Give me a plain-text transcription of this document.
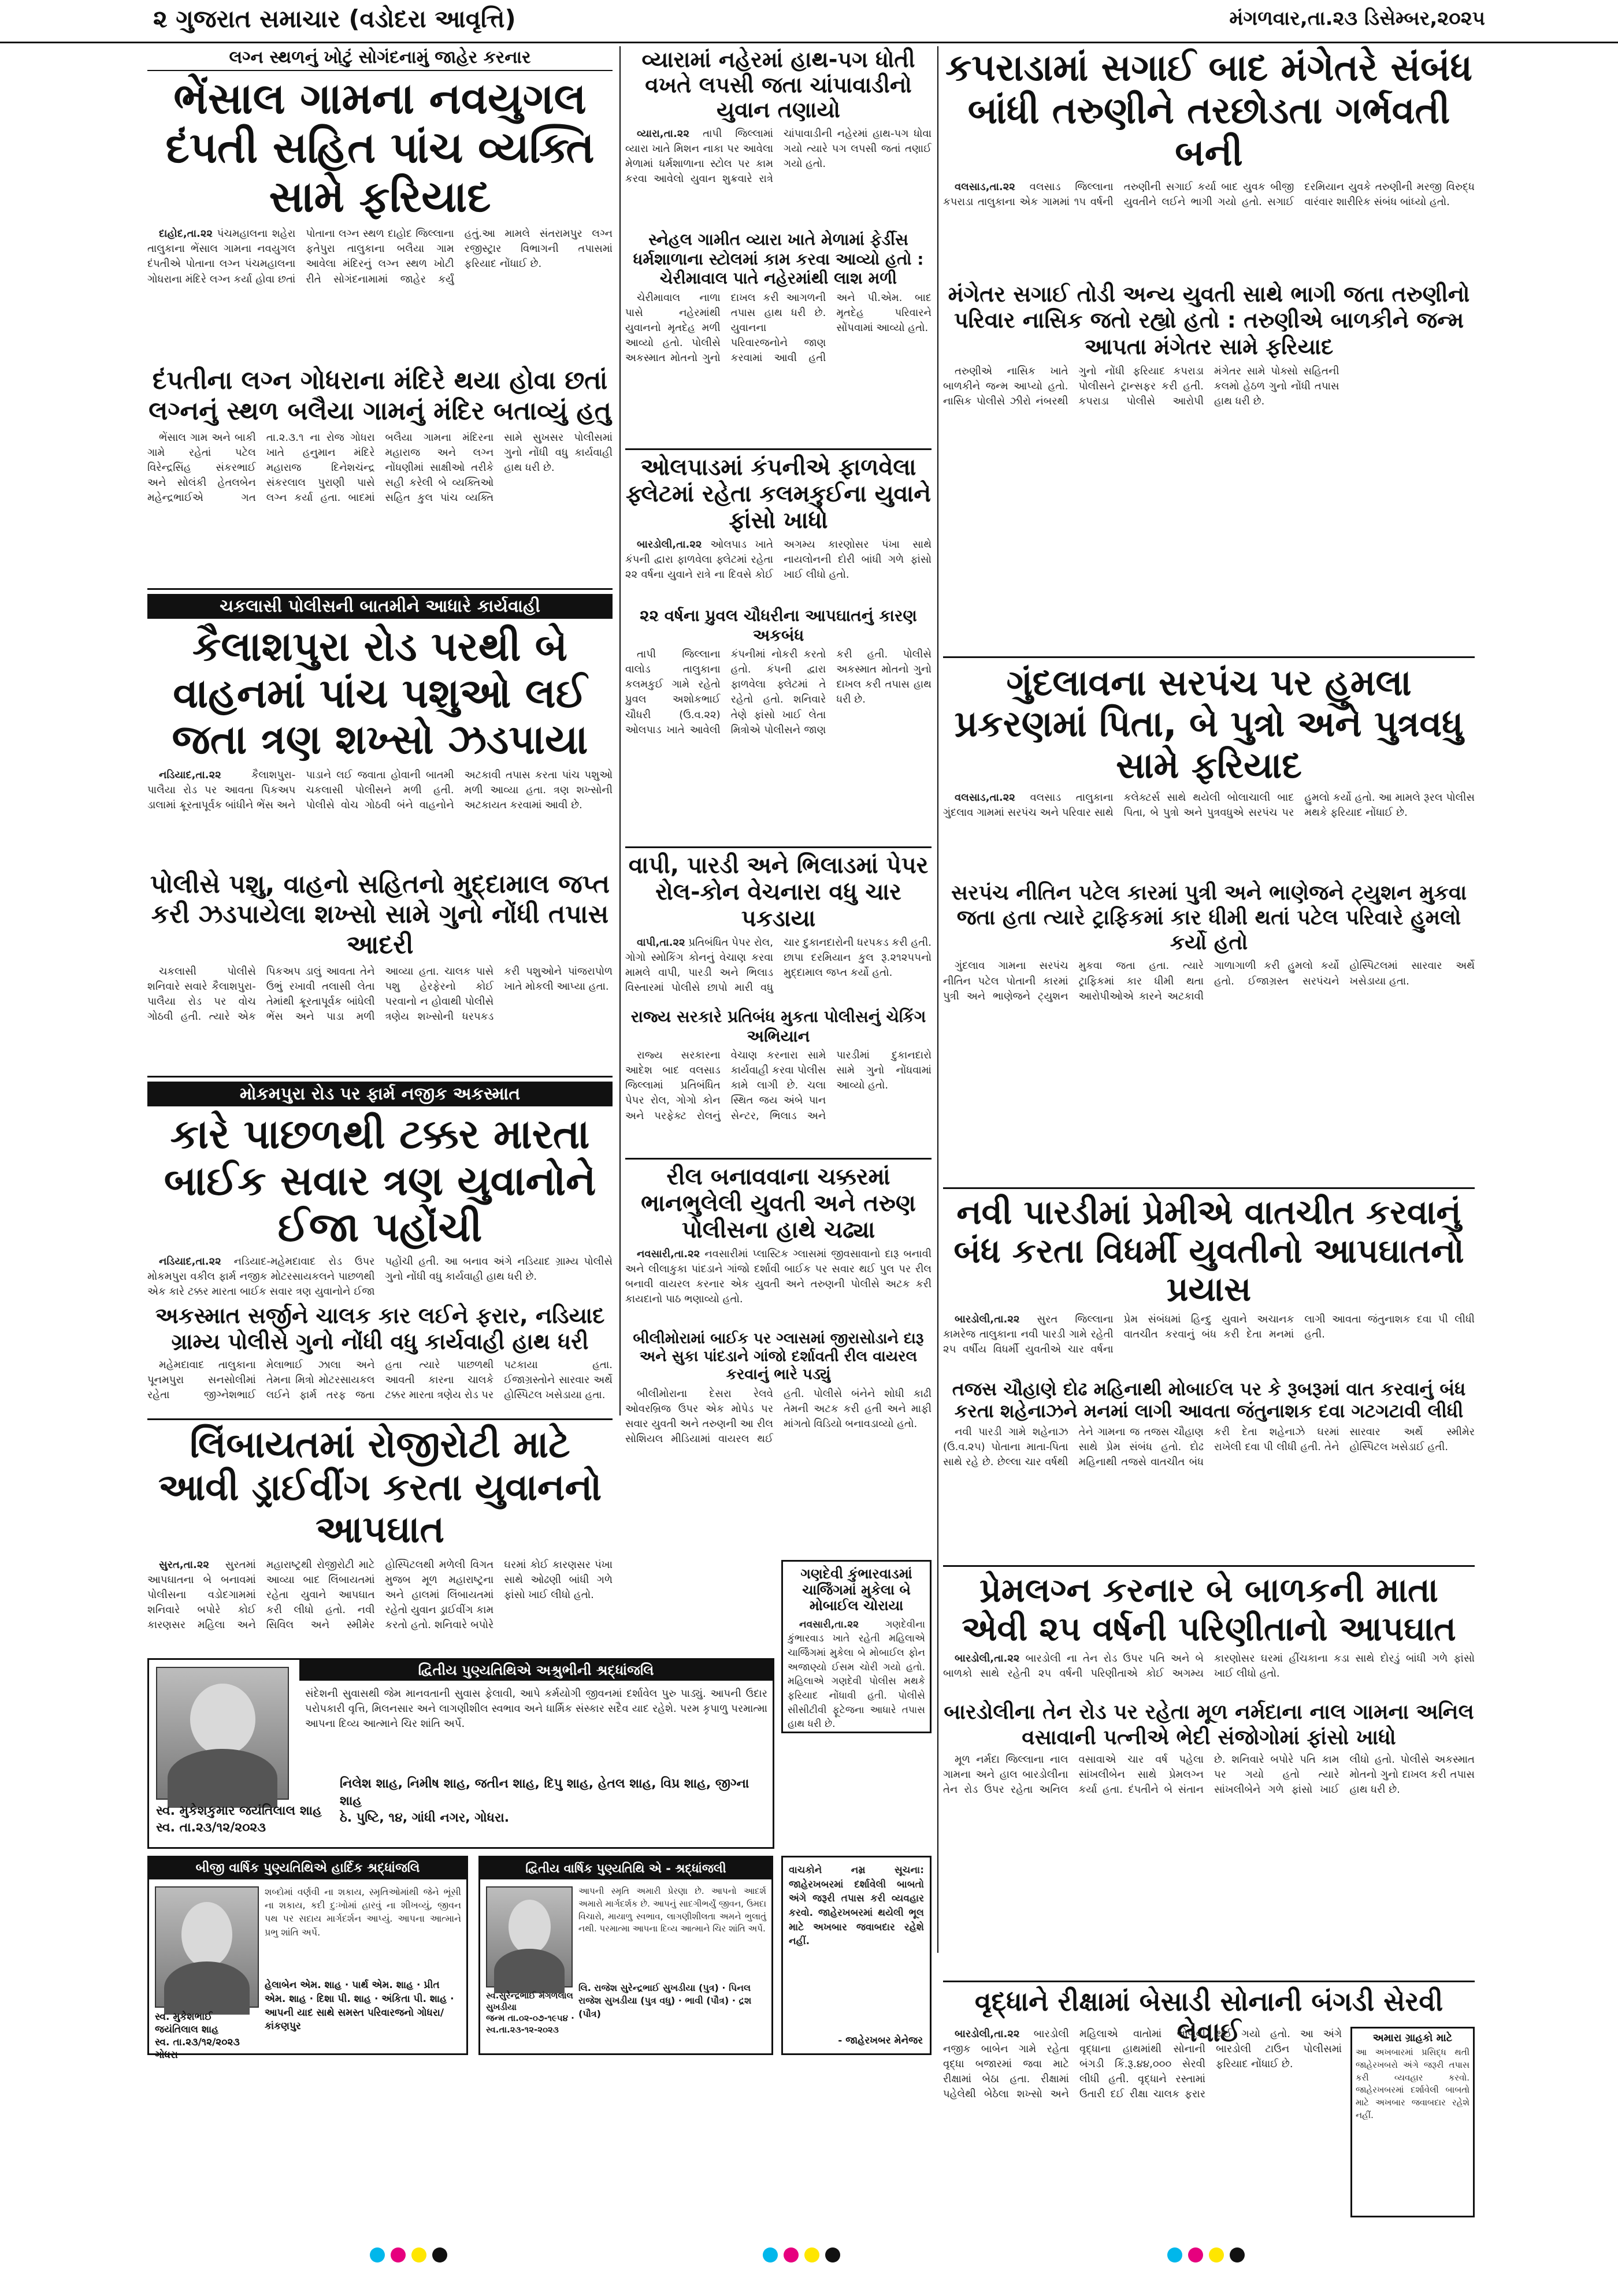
૨ ગુજરાત સમાચાર (વડોદરા આવૃત્તિ)	મંગળવાર,તા.૨૩ ડિસેમ્બર,૨૦૨૫
લગ્ન સ્થળનું ખોટું સોગંદનામું જાહેર કરનાર
ભેંસાલ ગામના નવયુગલ દંપતી સહિત પાંચ વ્યક્તિ સામે ફરિયાદ

દાહોદ,તા.૨૨ પંચમહાલના શહેરા તાલુકાના ભેંસાલ ગામના નવયુગલ દંપતીએ પોતાના લગ્ન પંચમહાલના ગોધરાના મંદિરે લગ્ન કર્યા હોવા છતાં પોતાના લગ્ન સ્થળ દાહોદ જિલ્લાના ફતેપુરા તાલુકાના બલૈયા ગામ આવેલા મંદિરનું લગ્ન સ્થળ ખોટી રીતે સોગંદનામામાં જાહેર કર્યું હતું.આ મામલે સંતરામપુર લગ્ન રજીસ્ટ્રાર વિભાગની તપાસમાં ફરિયાદ નોંધાઈ છે.

દંપતીના લગ્ન ગોધરાના મંદિરે થયા હોવા છતાં લગ્નનું સ્થળ બલૈયા ગામનું મંદિર બતાવ્યું હતુ

ભેંસાલ ગામ અને બાકી ગામે રહેતાં પટેલ વિરેન્દ્રસિંહ સંકરભાઈ અને સોલંકી હેતલબેન મહેન્દ્રભાઈએ ગત તા.૨.૩.૧ ના રોજ ગોધરા ખાતે હનુમાન મંદિરે મહારાજ દિનેશચંન્દ્ર સંકરલાલ પુરાણી પાસે લગ્ન કર્યા હતા. બાદમાં બલૈયા ગામના મંદિરના મહારાજ અને લગ્ન નોંધણીમાં સાક્ષીઓ તરીકે સહી કરેલી બે વ્યક્તિઓ સહિત કુલ પાંચ વ્યક્તિ સામે સુખસર પોલીસમાં ગુનો નોંધી વધુ કાર્યવાહી હાથ ધરી છે.

ચકલાસી પોલીસની બાતમીને આધારે કાર્યવાહી
કૈલાશપુરા રોડ પરથી બે વાહનમાં પાંચ પશુઓ લઈ જતા ત્રણ શખ્સો ઝડપાયા

નડિયાદ,તા.૨૨	કૈલાશપુરા-પાલૈયા રોડ પર આવતા પિકઅપ ડાલામાં ક્રૂરતાપૂર્વક બાંધીને ભેંસ અને પાડાને લઈ જવાતા હોવાની બાતમી ચકલાસી પોલીસને મળી હતી. પોલીસે વોચ ગોઠવી બંને વાહનોને અટકાવી તપાસ કરતા પાંચ પશુઓ મળી આવ્યા હતા. ત્રણ શખ્સોની અટકાયત કરવામાં આવી છે.

પોલીસે પશુ, વાહનો સહિતનો મુદ્દામાલ જપ્ત કરી ઝડપાયેલા શખ્સો સામે ગુનો નોંધી તપાસ આદરી

ચકલાસી પોલીસે શનિવારે સવારે કૈલાશપુરા-પાલૈયા રોડ પર વોચ ગોઠવી હતી. ત્યારે એક પિકઅપ ડાલું આવતા તેને ઉભું રખાવી તલાસી લેતા તેમાંથી ક્રૂરતાપૂર્વક બાંધેલી ભેંસ અને પાડા મળી આવ્યા હતા. ચાલક પાસે પશુ હેરફેરનો કોઈ પરવાનો ન હોવાથી પોલીસે ત્રણેય શખ્સોની ધરપકડ કરી પશુઓને પાંજરાપોળ ખાતે મોકલી આપ્યા હતા.

મોકમપુરા રોડ પર ફાર્મ નજીક અકસ્માત
કારે પાછળથી ટક્કર મારતા બાઈક સવાર ત્રણ યુવાનોને ઈજા પહોંચી

નડિયાદ,તા.૨૨ નડિયાદ-મહેમદાવાદ રોડ ઉપર મોકમપુરા વકીલ ફાર્મ નજીક મોટરસાયકલને પાછળથી એક કારે ટક્કર મારતા બાઈક સવાર ત્રણ યુવાનોને ઈજા પહોંચી હતી. આ બનાવ અંગે નડિયાદ ગ્રામ્ય પોલીસે ગુનો નોંધી વધુ કાર્યવાહી હાથ ધરી છે.

અકસ્માત સર્જીને ચાલક કાર લઈને ફરાર, નડિયાદ ગ્રામ્ય પોલીસે ગુનો નોંધી વધુ કાર્યવાહી હાથ ધરી

મહેમદાવાદ તાલુકાના પૂનમપુરા સનસોલીમાં રહેતા જીગ્નેશભાઈ મેલાભાઈ ઝાલા અને તેમના મિત્રો મોટરસાયકલ લઈને ફાર્મ તરફ જતા હતા ત્યારે પાછળથી આવતી કારના ચાલકે ટક્કર મારતા ત્રણેય રોડ પર પટકાયા હતા. ઈજાગ્રસ્તોને સારવાર અર્થે હોસ્પિટલ ખસેડાયા હતા.

લિંબાયતમાં રોજીરોટી માટે આવી ડ્રાઈવીંગ કરતા યુવાનનો આપઘાત

સુરત,તા.૨૨ સુરતમાં આપઘાતના બે બનાવમાં પોલીસના વડોદગામમાં શનિવારે બપોરે કોઈ કારણસર મહિલા અને મહારાષ્ટ્રથી રોજીરોટી માટે આવ્યા બાદ લિંબાયતમાં રહેતા યુવાને આપઘાત કરી લીધો હતો. નવી સિવિલ અને સ્મીમેર હોસ્પિટલથી મળેલી વિગત મુજબ મૂળ મહારાષ્ટ્રના અને હાલમાં લિંબાયતમાં રહેતો યુવાન ડ્રાઈવીંગ કામ કરતો હતો. શનિવારે બપોરે ઘરમાં કોઈ કારણસર પંખા સાથે ઓઢણી બાંધી ગળે ફાંસો ખાઈ લીધો હતો.

વ્યારામાં નહેરમાં હાથ-પગ ધોતી વખતે લપસી જતા ચાંપાવાડીનો યુવાન તણાયો

વ્યારા,તા.૨૨ તાપી જિલ્લામાં વ્યારા ખાતે મિશન નાકા પર આવેલા મેળામાં ધર્મશાળાના સ્ટોલ પર કામ કરવા આવેલો યુવાન શુક્રવારે રાત્રે ચાંપાવાડીની નહેરમાં હાથ-પગ ધોવા ગયો ત્યારે પગ લપસી જતાં તણાઈ ગયો હતો.

સ્નેહલ ગામીત વ્યારા ખાતે મેળામાં ફેર્ડીસ ધર્મશાળાના સ્ટોલમાં કામ કરવા આવ્યો હતો : ચેરીમાવાલ પાતે નહેરમાંથી લાશ મળી

ચેરીમાવાલ નાળા પાસે નહેરમાંથી યુવાનનો મૃતદેહ મળી આવ્યો હતો. પોલીસે અકસ્માત મોતનો ગુનો દાખલ કરી આગળની તપાસ હાથ ધરી છે. યુવાનના પરિવારજનોને જાણ કરવામાં આવી હતી અને પી.એમ. બાદ મૃતદેહ પરિવારને સોંપવામાં આવ્યો હતો.

ઓલપાડમાં કંપનીએ ફાળવેલા ફ્લેટમાં રહેતા કલમકુઈના યુવાને ફાંસો ખાધો

બારડોલી,તા.૨૨ ઓલપાડ ખાતે કંપની દ્વારા ફાળવેલા ફ્લેટમાં રહેતા ૨૨ વર્ષના યુવાને રાત્રે ના દિવસે કોઈ અગમ્ય કારણોસર પંખા સાથે નાયલોનની દોરી બાંધી ગળે ફાંસો ખાઈ લીધો હતો.

૨૨ વર્ષના પ્રુવલ ચૌધરીના આપઘાતનું કારણ અકબંધ

તાપી જિલ્લાના વાલોડ તાલુકાના કલમકુઈ ગામે રહેતો પ્રુવલ અશોકભાઈ ચૌધરી (ઉ.વ.૨૨) ઓલપાડ ખાતે આવેલી કંપનીમાં નોકરી કરતો હતો. કંપની દ્વારા ફાળવેલા ફ્લેટમાં તે રહેતો હતો. શનિવારે તેણે ફાંસો ખાઈ લેતા મિત્રોએ પોલીસને જાણ કરી હતી. પોલીસે અકસ્માત મોતનો ગુનો દાખલ કરી તપાસ હાથ ધરી છે.

વાપી, પારડી અને ભિલાડમાં પેપર રોલ-કોન વેચનારા વધુ ચાર પકડાયા

વાપી,તા.૨૨ પ્રતિબંધિત પેપર રોલ, ગોગો સ્મોકિંગ કોનનું વેચાણ કરવા મામલે વાપી, પારડી અને ભિલાડ વિસ્તારમાં પોલીસે છાપો મારી વધુ ચાર દુકાનદારોની ધરપકડ કરી હતી. છાપા દરમિયાન કુલ રૂ.૨૧૨૫૫નો મુદ્દામાલ જપ્ત કર્યો હતો.

રાજ્ય સરકારે પ્રતિબંધ મુકતા પોલીસનું ચેકિંગ અભિયાન

રાજ્ય સરકારના આદેશ બાદ વલસાડ જિલ્લામાં પ્રતિબંધિત પેપર રોલ, ગોગો કોન અને પરફેક્ટ રોલનું વેચાણ કરનારા સામે કાર્યવાહી કરવા પોલીસ કામે લાગી છે. ચલા સ્થિત જય અંબે પાન સેન્ટર, ભિલાડ અને પારડીમાં દુકાનદારો સામે ગુનો નોંધવામાં આવ્યો હતો.

રીલ બનાવવાના ચક્કરમાં ભાનભુલેલી યુવતી અને તરુણ પોલીસના હાથે ચઢ્યા

નવસારી,તા.૨૨ નવસારીમાં પ્લાસ્ટિક ગ્લાસમાં જીવસાવાનો દારૂ બનાવી અને લીલાકુકા પાંદડાને ગાંજો દર્શાવી બાઈક પર સવાર થઈ પુલ પર રીલ બનાવી વાયરલ કરનાર એક યુવતી અને તરુણની પોલીસે અટક કરી કાયદાનો પાઠ ભણાવ્યો હતો.

બીલીમોરામાં બાઈક પર ગ્લાસમાં જીરાસોડાને દારૂ અને સુકા પાંદડાને ગાંજો દર્શાવતી રીલ વાયરલ કરવાનું ભારે પડ્યું

બીલીમોરાના દેસરા રેલવે ઓવરબ્રિજ ઉપર એક મોપેડ પર સવાર યુવતી અને તરુણની આ રીલ સોશિયલ મીડિયામાં વાયરલ થઈ હતી. પોલીસે બંનેને શોધી કાઢી તેમની અટક કરી હતી અને માફી માંગતો વિડિયો બનાવડાવ્યો હતો.

ગણદેવી કુંભારવાડમાં ચાર્જિંગમાં મુકેલા બે મોબાઈલ ચોરાયા

નવસારી,તા.૨૨	ગણદેવીના કુંભારવાડ ખાતે રહેતી મહિલાએ ચાર્જિંગમાં મુકેલા બે મોબાઈલ ફોન અજાણ્યો ઈસમ ચોરી ગયો હતો. મહિલાએ ગણદેવી પોલીસ મથકે ફરિયાદ નોંધાવી હતી. પોલીસે સીસીટીવી ફૂટેજના આધારે તપાસ હાથ ધરી છે.

કપરાડામાં સગાઈ બાદ મંગેતરે સંબંધ બાંધી તરુણીને તરછોડતા ગર્ભવતી બની

વલસાડ,તા.૨૨ વલસાડ જિલ્લાના કપરાડા તાલુકાના એક ગામમાં ૧૫ વર્ષની તરુણીની સગાઈ કર્યા બાદ યુવક બીજી યુવતીને લઈને ભાગી ગયો હતો. સગાઈ દરમિયાન યુવકે તરુણીની મરજી વિરુદ્ધ વારંવાર શારીરિક સંબંધ બાંધ્યો હતો.

મંગેતર સગાઈ તોડી અન્ય યુવતી સાથે ભાગી જતા તરુણીનો પરિવાર નાસિક જતો રહ્યો હતો : તરુણીએ બાળકીને જન્મ આપતા મંગેતર સામે ફરિયાદ

તરુણીએ નાસિક ખાતે બાળકીને જન્મ આપ્યો હતો. નાસિક પોલીસે ઝીરો નંબરથી ગુનો નોંધી ફરિયાદ કપરાડા પોલીસને ટ્રાન્સફર કરી હતી. કપરાડા પોલીસે આરોપી મંગેતર સામે પોક્સો સહિતની કલમો હેઠળ ગુનો નોંધી તપાસ હાથ ધરી છે.

ગુંદલાવના સરપંચ પર હુમલા પ્રકરણમાં પિતા, બે પુત્રો અને પુત્રવધુ સામે ફરિયાદ

વલસાડ,તા.૨૨ વલસાડ તાલુકાના ગુંદલાવ ગામમાં સરપંચ અને પરિવાર સાથે કલેક્ટર્સ સાથે થયેલી બોલાચાલી બાદ પિતા, બે પુત્રો અને પુત્રવધુએ સરપંચ પર હુમલો કર્યો હતો. આ મામલે રૂરલ પોલીસ મથકે ફરિયાદ નોંધાઈ છે.

સરપંચ નીતિન પટેલ કારમાં પુત્રી અને ભાણેજને ટ્યુશન મુકવા જતા હતા ત્યારે ટ્રાફિકમાં કાર ધીમી થતાં પટેલ પરિવારે હુમલો કર્યો હતો

ગુંદલાવ ગામના સરપંચ નીતિન પટેલ પોતાની કારમાં પુત્રી અને ભાણેજને ટ્યુશન મુકવા જતા હતા. ત્યારે ટ્રાફિકમાં કાર ધીમી થતા આરોપીઓએ કારને અટકાવી ગાળાગાળી કરી હુમલો કર્યો હતો. ઈજાગ્રસ્ત સરપંચને હોસ્પિટલમાં સારવાર અર્થે ખસેડાયા હતા.

નવી પારડીમાં પ્રેમીએ વાતચીત કરવાનું બંધ કરતા વિધર્મી યુવતીનો આપઘાતનો પ્રયાસ

બારડોલી,તા.૨૨ સુરત જિલ્લાના કામરેજ તાલુકાના નવી પારડી ગામે રહેતી ૨૫ વર્ષીય વિધર્મી યુવતીએ ચાર વર્ષના પ્રેમ સંબંધમાં હિન્દુ યુવાને અચાનક વાતચીત કરવાનું બંધ કરી દેતા મનમાં લાગી આવતા જંતુનાશક દવા પી લીધી હતી.

તજસ ચૌહાણે દોઢ મહિનાથી મોબાઈલ પર કે રૂબરૂમાં વાત કરવાનું બંધ કરતા શહેનાઝને મનમાં લાગી આવતા જંતુનાશક દવા ગટગટાવી લીધી

નવી પારડી ગામે શહેનાઝ (ઉ.વ.૨૫) પોતાના માતા-પિતા સાથે રહે છે. છેલ્લા ચાર વર્ષથી તેને ગામના જ તજસ ચૌહાણ સાથે પ્રેમ સંબંધ હતો. દોઢ મહિનાથી તજસે વાતચીત બંધ કરી દેતા શહેનાઝે ઘરમાં રાખેલી દવા પી લીધી હતી. તેને સારવાર અર્થે સ્મીમેર હોસ્પિટલ ખસેડાઈ હતી.

પ્રેમલગ્ન કરનાર બે બાળકની માતા એવી ૨૫ વર્ષની પરિણીતાનો આપઘાત

બારડોલી,તા.૨૨ બારડોલી ના તેન રોડ ઉપર પતિ અને બે બાળકો સાથે રહેતી ૨૫ વર્ષની પરિણીતાએ કોઈ અગમ્ય કારણોસર ઘરમાં હીંચકાના કડા સાથે દોરડું બાંધી ગળે ફાંસો ખાઈ લીધો હતો.

બારડોલીના તેન રોડ પર રહેતા મૂળ નર્મદાના નાલ ગામના અનિલ વસાવાની પત્નીએ ભેદી સંજોગોમાં ફાંસો ખાધો

મૂળ નર્મદા જિલ્લાના નાલ ગામના અને હાલ બારડોલીના તેન રોડ ઉપર રહેતા અનિલ વસાવાએ ચાર વર્ષ પહેલા સાંખલીબેન સાથે પ્રેમલગ્ન કર્યા હતા. દંપતીને બે સંતાન છે. શનિવારે બપોરે પતિ કામ પર ગયો હતો ત્યારે સાંખલીબેને ગળે ફાંસો ખાઈ લીધો હતો. પોલીસે અકસ્માત મોતનો ગુનો દાખલ કરી તપાસ હાથ ધરી છે.

વૃદ્ધાને રીક્ષામાં બેસાડી સોનાની બંગડી સેરવી લેવાઈ

બારડોલી,તા.૨૨ બારડોલી નજીક બાબેન ગામે રહેતા વૃદ્ધા બજારમાં જવા માટે રીક્ષામાં બેઠા હતા. રીક્ષામાં પહેલેથી બેઠેલા શખ્સો અને મહિલાએ વાતોમાં ભોળવી વૃદ્ધાના હાથમાંથી સોનાની બંગડી કિં.રૂ.૪૪,૦૦૦ સેરવી લીધી હતી. વૃદ્ધાને રસ્તામાં ઉતારી દઈ રીક્ષા ચાલક ફરાર થઈ ગયો હતો. આ અંગે બારડોલી ટાઉન પોલીસમાં ફરિયાદ નોંધાઈ છે.

અમારા ગ્રાહકો માટે
આ અખબારમાં પ્રસિદ્ધ થતી જાહેરખબરો અંગે જરૂરી તપાસ કરી વ્યવહાર કરવો. જાહેરખબરમાં દર્શાવેલી બાબતો માટે અખબાર જવાબદાર રહેશે નહીં.
દ્વિતીય પુણ્યતિથિએ અશ્રુભીની શ્રદ્ધાંજલિ
સંદેશની સુવાસથી જેમ માનવતાની સુવાસ ફેલાવી, આપે કર્મયોગી જીવનમાં દર્શાવેલ પુરુ પાડ્યું. આપની ઉદાર પરોપકારી વૃત્તિ, મિલનસાર અને લાગણીશીલ સ્વભાવ અને ધાર્મિક સંસ્કાર સદૈવ યાદ રહેશે. પરમ કૃપાળુ પરમાત્મા આપના દિવ્ય આત્માને ચિર શાંતિ અર્પે.
સ્વ. મુકેશકુમાર જયંતિલાલ શાહ
સ્વ. તા.૨૩/૧૨/૨૦૨૩
નિલેશ શાહ, નિમીષ શાહ, જતીન શાહ, દિપુ શાહ, હેતલ શાહ, વિપ્ર શાહ, જીગ્ના શાહ
ઠે. પુષ્ટિ, ૧૪, ગાંધી નગર, ગોધરા.
બીજી વાર્ષિક પુણ્યતિથિએ હાર્દિક શ્રદ્ધાંજલિ
શબ્દોમાં વર્ણવી ના શકાય, સ્મૃતિઓમાંથી જેને ભૂંસી ના શકાય, કદી દુઃખોમાં હારવું ના શીખવ્યું, જીવન પથ પર સદાય માર્ગદર્શન આપ્યું. આપના આત્માને પ્રભુ શાંતિ અર્પે.
સ્વ. મુકેશભાઈ જયંતિલાલ શાહ
સ્વ. તા.૨૩/૧૨/૨૦૨૩ ગોધરા
હેલાબેન એમ. શાહ · પાર્થ એમ. શાહ · પ્રીત એમ. શાહ · દિશા પી. શાહ · અંકિતા પી. શાહ · આપની યાદ સાથે સમસ્ત પરિવારજનો ગોધરા/કાંકણપુર
દ્વિતીય વાર્ષિક પુણ્યતિથિ એ - શ્રદ્ધાંજલી
આપની સ્મૃતિ અમારી પ્રેરણા છે. આપનો આદર્શ અમારો માર્ગદર્શક છે. આપનું સાદગીભર્યું જીવન, ઉમદા વિચારો, માયાળુ સ્વભાવ, લાગણીશીલતા અમને ભુલાતું નથી. પરમાત્મા આપના દિવ્ય આત્માને ચિર શાંતિ અર્પે.
સ્વ.સુરેન્દ્રભાઈ મંગળલાલ સુખડીયા
જન્મ તા.૦૨-૦૭-૧૯૫૪ · સ્વ.તા.૨૩-૧૨-૨૦૨૩
લિ. રાજેશ સુરેન્દ્રભાઈ સુખડીયા (પુત્ર) · પિનલ રાજેશ સુખડીયા (પુત્ર વધુ) · ભાવી (પૌત્ર) · દ્રશ (પૌત્ર)
વાચકોને નમ્ર સૂચના: જાહેરખબરમાં દર્શાવેલી બાબતો અંગે જરૂરી તપાસ કરી વ્યવહાર કરવો. જાહેરખબરમાં થયેલી ભૂલ માટે અખબાર જવાબદાર રહેશે નહીં.
- જાહેરખબર મેનેજર
